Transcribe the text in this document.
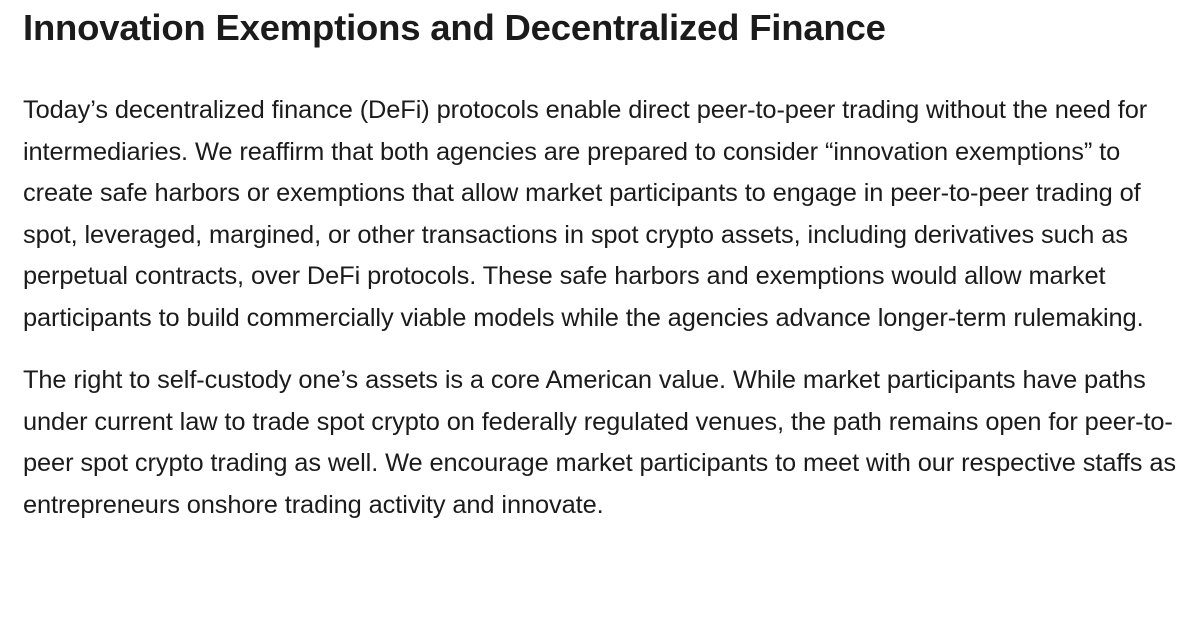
Innovation Exemptions and Decentralized Finance

Today’s decentralized finance (DeFi) protocols enable direct peer-to-peer trading without the need for intermediaries. We reaffirm that both agencies are prepared to consider “innovation exemptions” to create safe harbors or exemptions that allow market participants to engage in peer-to-peer trading of spot, leveraged, margined, or other transactions in spot crypto assets, including derivatives such as perpetual contracts, over DeFi protocols. These safe harbors and exemptions would allow market participants to build commercially viable models while the agencies advance longer-term rulemaking.

The right to self-custody one’s assets is a core American value. While market participants have paths under current law to trade spot crypto on federally regulated venues, the path remains open for peer-to-peer spot crypto trading as well. We encourage market participants to meet with our respective staffs as entrepreneurs onshore trading activity and innovate.
